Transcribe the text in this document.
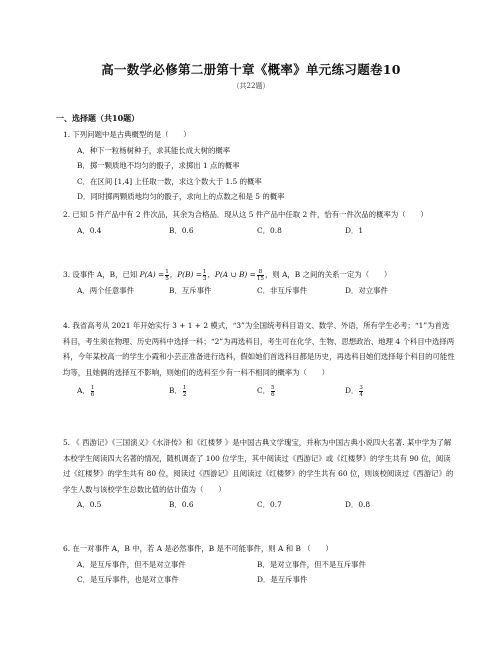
高一数学必修第二册第十章《概率》单元练习题卷10
（共22题）
一、选择题（共10题）
1. 下列问题中是古典概型的是（　　）
A．种下一粒杨树种子，求其能长成大树的概率
B．掷一颗质地不均匀的骰子，求掷出 1 点的概率
C．在区间 [1,4] 上任取一数，求这个数大于 1.5 的概率
D．同时掷两颗质地均匀的骰子，求向上的点数之和是 5 的概率
2. 已知 5 件产品中有 2 件次品，其余为合格品．现从这 5 件产品中任取 2 件，恰有一件次品的概率为（　　）
A．0.4	B．0.6	C．0.8	D．1
3. 设事件 A，B，已知 $P(A) = \frac{1}{5}$ ，$P(B) = \frac{1}{3}$ ，P(A ∪ $B) = \frac{8}{15}$ ，则 A，B 之间的关系一定为（　　）
A．两个任意事件	B．互斥事件	C．非互斥事件	D．对立事件
4. 我省高考从 2021 年开始实行 3 + 1 + 2 模式，“3”为全国统考科目语文、数学、外语，所有学生必考；“1”为首选科目，考生须在物理、历史两科中选择一科；“2”为再选科目，考生可在化学、生物、思想政治、地理 4 个科目中选择两科，今年某校高一的学生小霞和小芸正准备进行选科，假如她们首选科目都是历史，再选科目她们选择每个科目的可能性均等，且她俩的选择互不影响，则她们的选科至少有一科不相同的概率为（　　）
A． $\frac{1}{6}$	B． $\frac{1}{2}$	C． $\frac{5}{6}$	D． $\frac{3}{4}$
5. 《 西游记》《三国演义》《水浒传》和《红楼梦 》是中国古典文学瑰宝，并称为中国古典小说四大名著. 某中学为了解本校学生阅读四大名著的情况，随机调查了 100 位学生，其中阅读过《西游记》或《红楼梦》的学生共有 90 位，阅读过《红楼梦》的学生共有 80 位，阅读过《西游记》且阅读过《红楼梦》的学生共有 60 位，则该校阅读过《西游记》的学生人数与该校学生总数比值的估计值为（　　）
A．0.5	B．0.6	C．0.7	D．0.8
6. 在一对事件 A，B 中，若 A 是必然事件，B 是不可能事件，则 A 和 B （　　）
A．是互斥事件，但不是对立事件	B．是对立事件，但不是互斥事件
C．是互斥事件，也是对立事件	D．是互斥事件
